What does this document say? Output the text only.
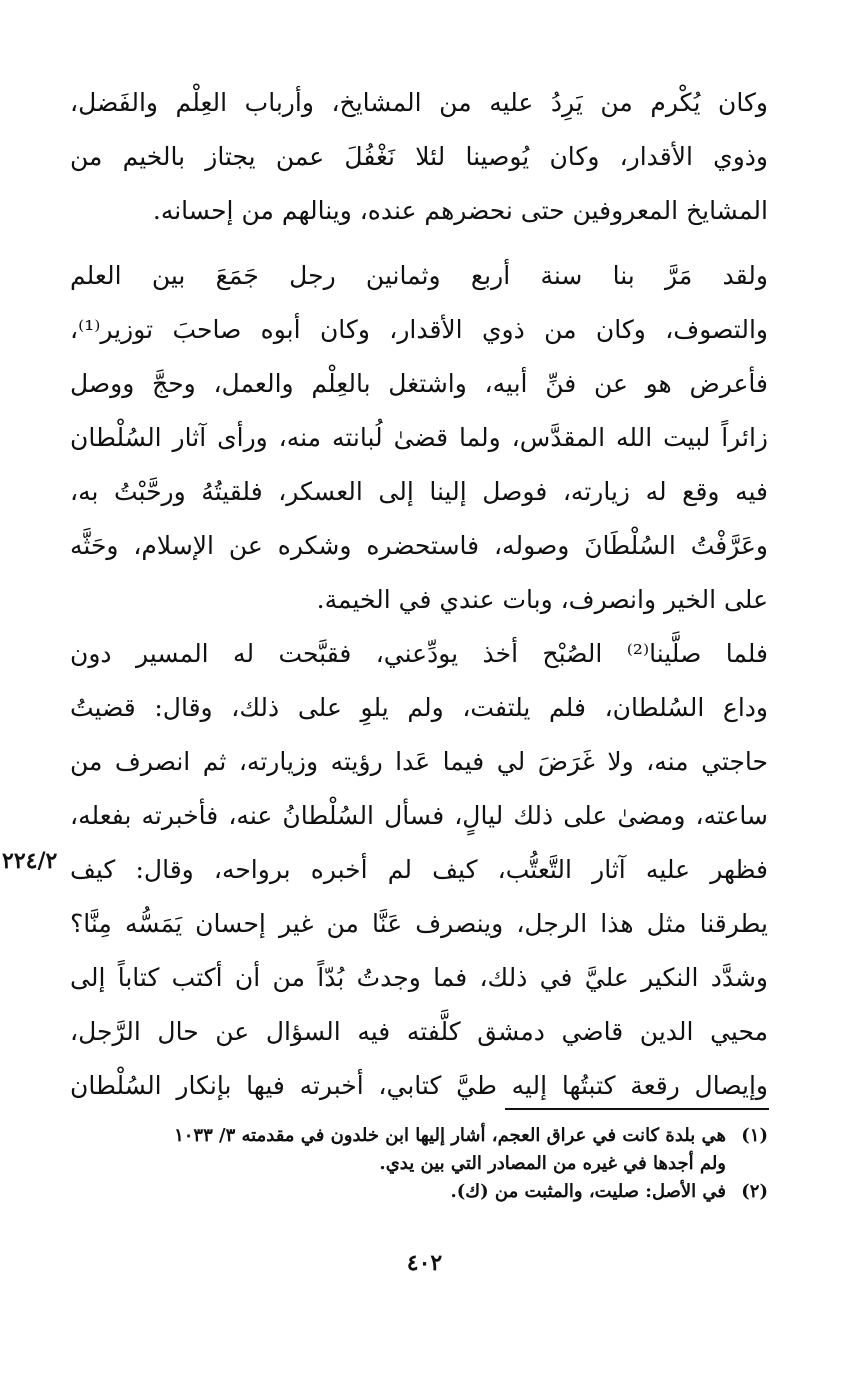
وكان يُكْرم من يَرِدُ عليه من المشايخ، وأرباب العِلْم والفَضل،
وذوي الأقدار، وكان يُوصينا لئلا نَغْفُلَ عمن يجتاز بالخيم من
المشايخ المعروفين حتى نحضرهم عنده، وينالهم من إحسانه.
ولقد مَرَّ بنا سنة أربع وثمانين رجل جَمَعَ بين العلم
والتصوف، وكان من ذوي الأقدار، وكان أبوه صاحبَ توزير⁽¹⁾،
فأعرض هو عن فنِّ أبيه، واشتغل بالعِلْم والعمل، وحجَّ ووصل
زائراً لبيت الله المقدَّس، ولما قضىٰ لُبانته منه، ورأى آثار السُلْطان
فيه وقع له زيارته، فوصل إلينا إلى العسكر، فلقيتُهُ ورحَّبْتُ به،
وعَرَّفْتُ السُلْطَانَ وصوله، فاستحضره وشكره عن الإسلام، وحَثَّه
على الخير وانصرف، وبات عندي في الخيمة.
فلما صلَّينا⁽²⁾ الصُبْح أخذ يودِّعني، فقبَّحت له المسير دون
وداع السُلطان، فلم يلتفت، ولم يلوِ على ذلك، وقال: قضيتُ
حاجتي منه، ولا غَرَضَ لي فيما عَدا رؤيته وزيارته، ثم انصرف من
ساعته، ومضىٰ على ذلك ليالٍ، فسأل السُلْطانُ عنه، فأخبرته بفعله،
فظهر عليه آثار التَّعتُّب، كيف لم أخبره برواحه، وقال: كيف
يطرقنا مثل هذا الرجل، وينصرف عَنَّا من غير إحسان يَمَسُّه مِنَّا؟
وشدَّد النكير عليَّ في ذلك، فما وجدتُ بُدّاً من أن أكتب كتاباً إلى
محيي الدين قاضي دمشق كلَّفته فيه السؤال عن حال الرَّجل،
وإيصال رقعة كتبتُها إليه طيَّ كتابي، أخبرته فيها بإنكار السُلْطان
٢٢٤/٢
(١)
هي بلدة كانت في عراق العجم، أشار إليها ابن خلدون في مقدمته ٣/ ١٠٣٣
ولم أجدها في غيره من المصادر التي بين يدي.
(٢)
في الأصل: صليت، والمثبت من (ك).
٤٠٢
